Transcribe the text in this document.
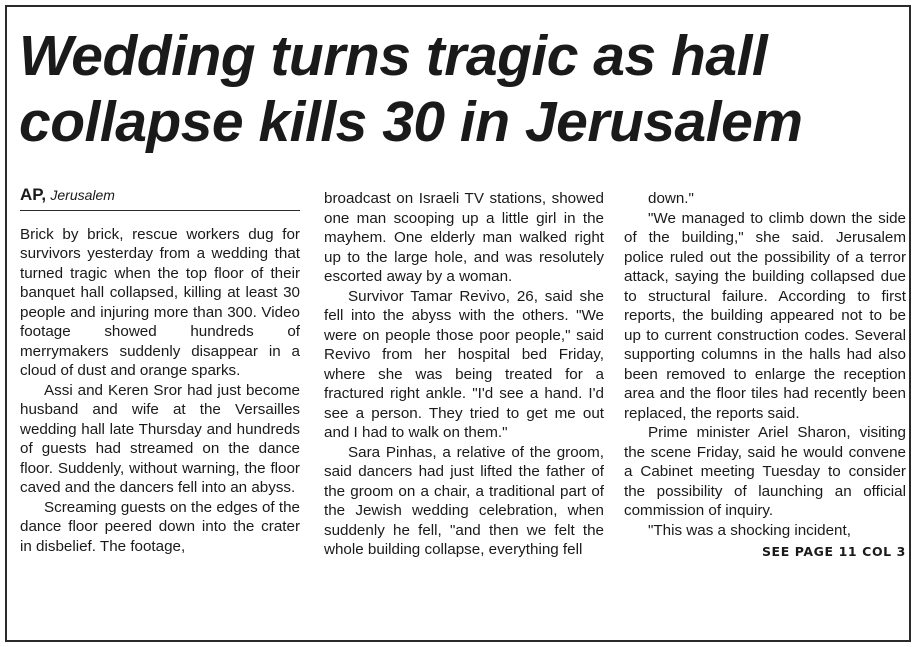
Wedding turns tragic as hall
collapse kills 30 in Jerusalem
AP, Jerusalem

Brick by brick, rescue workers dug for survivors yesterday from a wedding that turned tragic when the top floor of their banquet hall collapsed, killing at least 30 people and injuring more than 300. Video footage showed hundreds of merrymakers suddenly disappear in a cloud of dust and orange sparks.

Assi and Keren Sror had just become husband and wife at the Versailles wedding hall late Thursday and hundreds of guests had streamed on the dance floor. Suddenly, without warning, the floor caved and the dancers fell into an abyss.

Screaming guests on the edges of the dance floor peered down into the crater in disbelief. The footage,

broadcast on Israeli TV stations, showed one man scooping up a little girl in the mayhem. One elderly man walked right up to the large hole, and was resolutely escorted away by a woman.

Survivor Tamar Revivo, 26, said she fell into the abyss with the others. "We were on people those poor people," said Revivo from her hospital bed Friday, where she was being treated for a fractured right ankle. "I'd see a hand. I'd see a person. They tried to get me out and I had to walk on them."

Sara Pinhas, a relative of the groom, said dancers had just lifted the father of the groom on a chair, a traditional part of the Jewish wedding celebration, when suddenly he fell, "and then we felt the whole building collapse, everything fell

down."

"We managed to climb down the side of the building," she said. Jerusalem police ruled out the possibility of a terror attack, saying the building collapsed due to structural failure. According to first reports, the building appeared not to be up to current construction codes. Several supporting columns in the halls had also been removed to enlarge the reception area and the floor tiles had recently been replaced, the reports said.

Prime minister Ariel Sharon, visiting the scene Friday, said he would convene a Cabinet meeting Tuesday to consider the possibility of launching an official commission of inquiry.

"This was a shocking incident,

SEE PAGE 11 COL 3
